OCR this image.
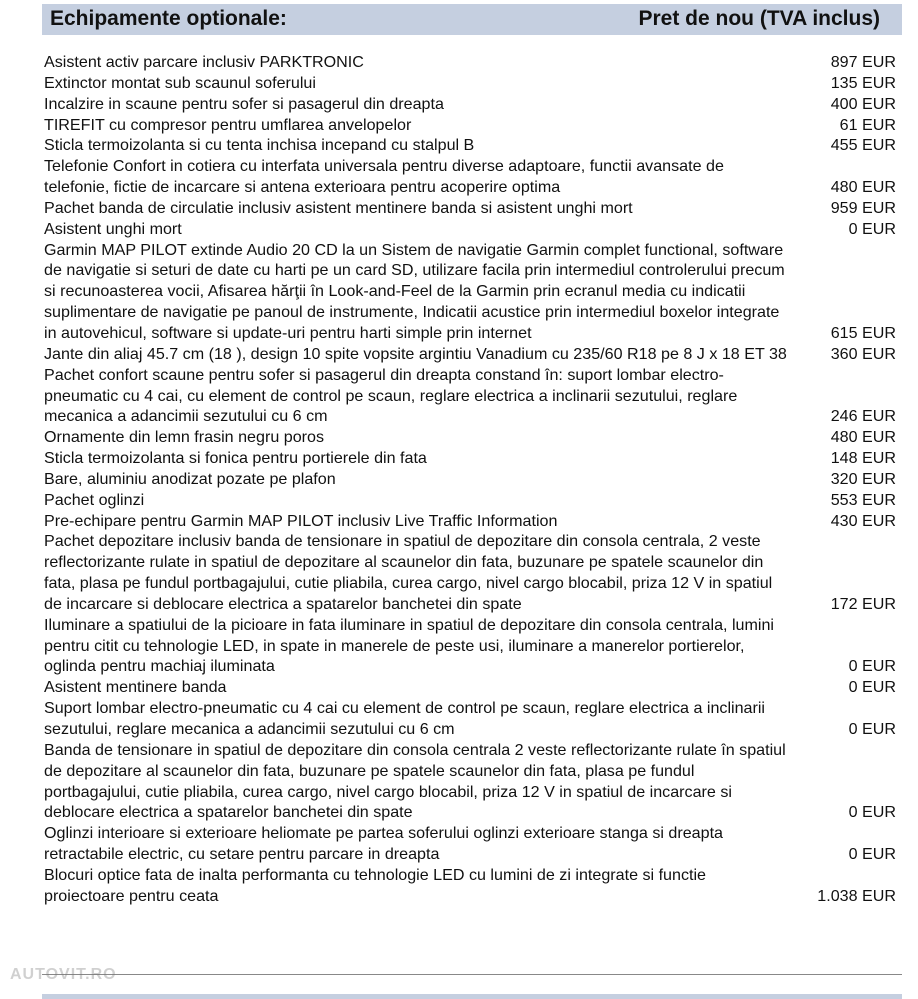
Echipamente optionale:	Pret de nou (TVA inclus)
Asistent activ parcare inclusiv PARKTRONIC	897 EUR
Extinctor montat sub scaunul soferului	135 EUR
Incalzire in scaune pentru sofer si pasagerul din dreapta	400 EUR
TIREFIT cu compresor pentru umflarea anvelopelor	61 EUR
Sticla termoizolanta si cu tenta inchisa incepand cu stalpul B	455 EUR
Telefonie Confort in cotiera cu interfata universala pentru diverse adaptoare, functii avansate de telefonie, fictie de incarcare si antena exterioara pentru acoperire optima	480 EUR
Pachet banda de circulatie inclusiv asistent mentinere banda si asistent unghi mort	959 EUR
Asistent unghi mort	0 EUR
Garmin MAP PILOT extinde Audio 20 CD la un Sistem de navigatie Garmin complet functional, software de navigatie si seturi de date cu harti pe un card SD, utilizare facila prin intermediul controlerului precum si recunoasterea vocii, Afisarea hărţii în Look-and-Feel de la Garmin prin ecranul media cu indicatii suplimentare de navigatie pe panoul de instrumente, Indicatii acustice prin intermediul boxelor integrate in autovehicul, software si update-uri pentru harti simple prin internet	615 EUR
Jante din aliaj 45.7 cm (18 ), design 10 spite vopsite argintiu Vanadium cu 235/60 R18 pe 8 J x 18 ET 38	360 EUR
Pachet confort scaune pentru sofer si pasagerul din dreapta constand în: suport lombar electro-pneumatic cu 4 cai, cu element de control pe scaun, reglare electrica a inclinarii sezutului, reglare mecanica a adancimii sezutului cu 6 cm	246 EUR
Ornamente din lemn frasin negru poros	480 EUR
Sticla termoizolanta si fonica pentru portierele din fata	148 EUR
Bare, aluminiu anodizat pozate pe plafon	320 EUR
Pachet oglinzi	553 EUR
Pre-echipare pentru Garmin MAP PILOT inclusiv Live Traffic Information	430 EUR
Pachet depozitare inclusiv banda de tensionare in spatiul de depozitare din consola centrala, 2 veste reflectorizante rulate in spatiul de depozitare al scaunelor din fata, buzunare pe spatele scaunelor din fata, plasa pe fundul portbagajului, cutie pliabila, curea cargo, nivel cargo blocabil, priza 12 V in spatiul de incarcare si deblocare electrica a spatarelor banchetei din spate	172 EUR
Iluminare a spatiului de la picioare in fata iluminare in spatiul de depozitare din consola centrala, lumini pentru citit cu tehnologie LED, in spate in manerele de peste usi, iluminare a manerelor portierelor, oglinda pentru machiaj iluminata	0 EUR
Asistent mentinere banda	0 EUR
Suport lombar electro-pneumatic cu 4 cai cu element de control pe scaun, reglare electrica a inclinarii sezutului, reglare mecanica a adancimii sezutului cu 6 cm	0 EUR
Banda de tensionare in spatiul de depozitare din consola centrala 2 veste reflectorizante rulate în spatiul de depozitare al scaunelor din fata, buzunare pe spatele scaunelor din fata, plasa pe fundul portbagajului, cutie pliabila, curea cargo, nivel cargo blocabil, priza 12 V in spatiul de incarcare si deblocare electrica a spatarelor banchetei din spate	0 EUR
Oglinzi interioare si exterioare heliomate pe partea soferului oglinzi exterioare stanga si dreapta retractabile electric, cu setare pentru parcare in dreapta	0 EUR
Blocuri optice fata de inalta performanta cu tehnologie LED cu lumini de zi integrate si functie proiectoare pentru ceata	1.038 EUR
AUTOVIT.RO
